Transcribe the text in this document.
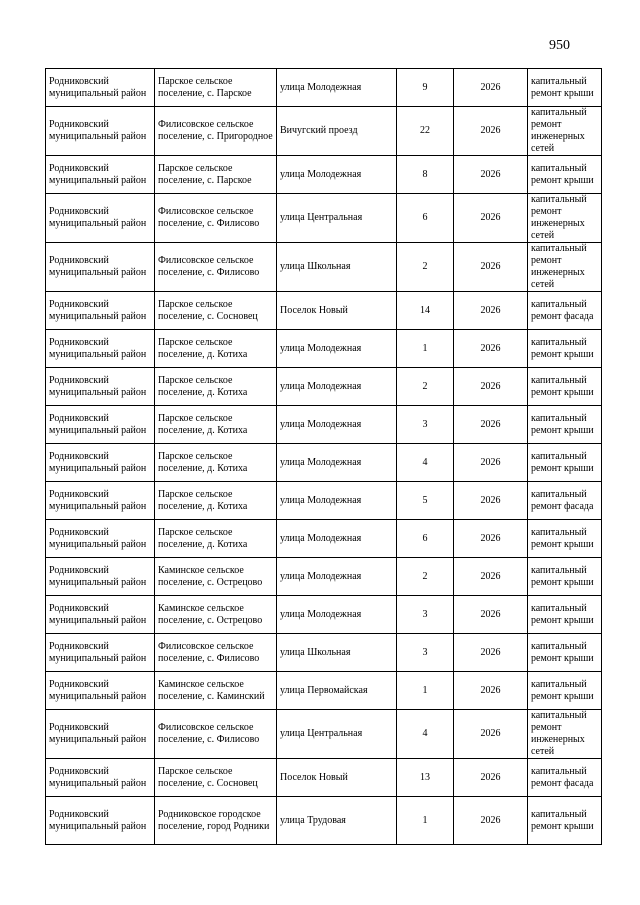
950
Родниковский муниципальный район	Парское сельское поселение, с. Парское	улица Молодежная	9	2026	капитальный ремонт крыши
Родниковский муниципальный район	Филисовское сельское поселение, с. Пригородное	Вичугский проезд	22	2026	капитальный ремонт инженерных сетей
Родниковский муниципальный район	Парское сельское поселение, с. Парское	улица Молодежная	8	2026	капитальный ремонт крыши
Родниковский муниципальный район	Филисовское сельское поселение, с. Филисово	улица Центральная	6	2026	капитальный ремонт инженерных сетей
Родниковский муниципальный район	Филисовское сельское поселение, с. Филисово	улица Школьная	2	2026	капитальный ремонт инженерных сетей
Родниковский муниципальный район	Парское сельское поселение, с. Сосновец	Поселок Новый	14	2026	капитальный ремонт фасада
Родниковский муниципальный район	Парское сельское поселение, д. Котиха	улица Молодежная	1	2026	капитальный ремонт крыши
Родниковский муниципальный район	Парское сельское поселение, д. Котиха	улица Молодежная	2	2026	капитальный ремонт крыши
Родниковский муниципальный район	Парское сельское поселение, д. Котиха	улица Молодежная	3	2026	капитальный ремонт крыши
Родниковский муниципальный район	Парское сельское поселение, д. Котиха	улица Молодежная	4	2026	капитальный ремонт крыши
Родниковский муниципальный район	Парское сельское поселение, д. Котиха	улица Молодежная	5	2026	капитальный ремонт фасада
Родниковский муниципальный район	Парское сельское поселение, д. Котиха	улица Молодежная	6	2026	капитальный ремонт крыши
Родниковский муниципальный район	Каминское сельское поселение, с. Острецово	улица Молодежная	2	2026	капитальный ремонт крыши
Родниковский муниципальный район	Каминское сельское поселение, с. Острецово	улица Молодежная	3	2026	капитальный ремонт крыши
Родниковский муниципальный район	Филисовское сельское поселение, с. Филисово	улица Школьная	3	2026	капитальный ремонт крыши
Родниковский муниципальный район	Каминское сельское поселение, с. Каминский	улица Первомайская	1	2026	капитальный ремонт крыши
Родниковский муниципальный район	Филисовское сельское поселение, с. Филисово	улица Центральная	4	2026	капитальный ремонт инженерных сетей
Родниковский муниципальный район	Парское сельское поселение, с. Сосновец	Поселок Новый	13	2026	капитальный ремонт фасада
Родниковский муниципальный район	Родниковское городское поселение, город Родники	улица Трудовая	1	2026	капитальный ремонт крыши
